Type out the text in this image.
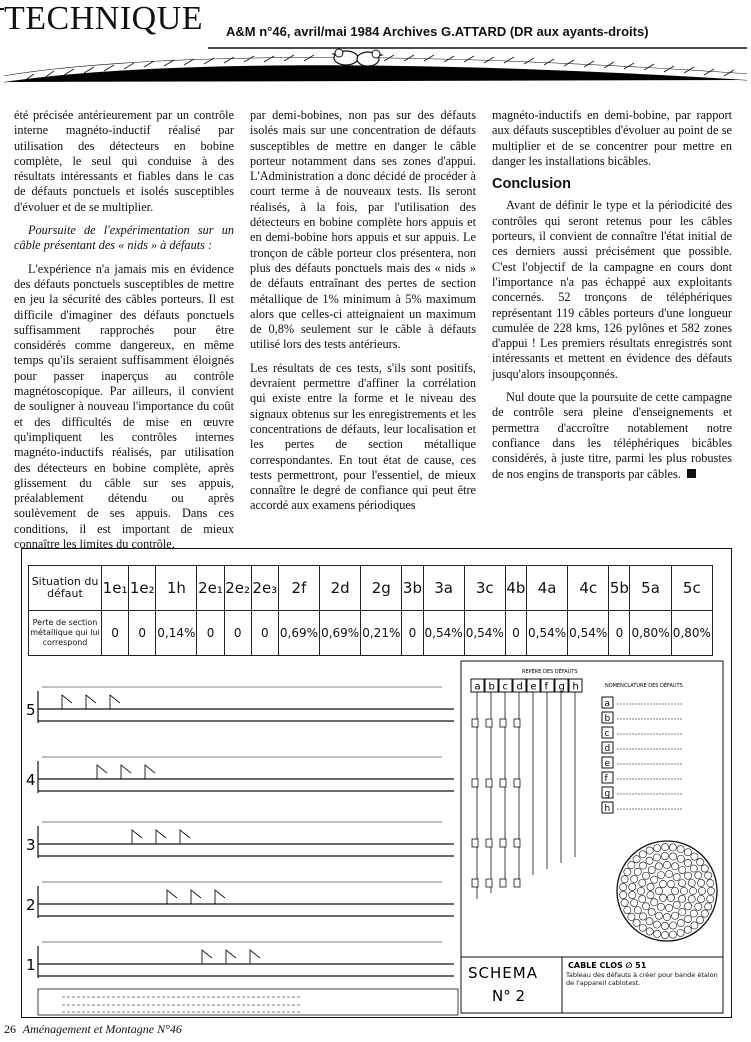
TECHNIQUE A&M n°46, avril/mai 1984 Archives G.ATTARD (DR aux ayants-droits)

été précisée antérieurement par un contrôle interne magnéto-inductif réalisé par utilisation des détecteurs en bobine complète, le seul qui conduise à des résultats intéressants et fiables dans le cas de défauts ponctuels et isolés susceptibles d'évoluer et de se multiplier.

Poursuite de l'expérimentation sur un câble présentant des « nids » à défauts :

L'expérience n'a jamais mis en évidence des défauts ponctuels susceptibles de mettre en jeu la sécurité des câbles porteurs. Il est difficile d'imaginer des défauts ponctuels suffisamment rapprochés pour être considérés comme dangereux, en même temps qu'ils seraient suffisamment éloignés pour passer inaperçus au contrôle magnétoscopique. Par ailleurs, il convient de souligner à nouveau l'importance du coût et des difficultés de mise en œuvre qu'impliquent les contrôles internes magnéto-inductifs réalisés, par utilisation des détecteurs en bobine complète, après glissement du câble sur ses appuis, préalablement détendu ou après soulèvement de ses appuis. Dans ces conditions, il est important de mieux connaître les limites du contrôle,

par demi-bobines, non pas sur des défauts isolés mais sur une concentration de défauts susceptibles de mettre en danger le câble porteur notamment dans ses zones d'appui. L'Administration a donc décidé de procéder à court terme à de nouveaux tests. Ils seront réalisés, à la fois, par l'utilisation des détecteurs en bobine complète hors appuis et en demi-bobine hors appuis et sur appuis. Le tronçon de câble porteur clos présentera, non plus des défauts ponctuels mais des « nids » de défauts entraînant des pertes de section métallique de 1% minimum à 5% maximum alors que celles-ci atteignaient un maximum de 0,8% seulement sur le câble à défauts utilisé lors des tests antérieurs.

Les résultats de ces tests, s'ils sont positifs, devraient permettre d'affiner la corrélation qui existe entre la forme et le niveau des signaux obtenus sur les enregistrements et les concentrations de défauts, leur localisation et les pertes de section métallique correspondantes. En tout état de cause, ces tests permettront, pour l'essentiel, de mieux connaître le degré de confiance qui peut être accordé aux examens périodiques

magnéto-inductifs en demi-bobine, par rapport aux défauts susceptibles d'évoluer au point de se multiplier et de se concentrer pour mettre en danger les installations bicâbles.

Conclusion

Avant de définir le type et la périodicité des contrôles qui seront retenus pour les câbles porteurs, il convient de connaître l'état initial de ces derniers aussi précisément que possible. C'est l'objectif de la campagne en cours dont l'importance n'a pas échappé aux exploitants concernés. 52 tronçons de téléphériques représentant 119 câbles porteurs d'une longueur cumulée de 228 kms, 126 pylônes et 582 zones d'appui ! Les premiers résultats enregistrés sont intéressants et mettent en évidence des défauts jusqu'alors insoupçonnés.

Nul doute que la poursuite de cette campagne de contrôle sera pleine d'enseignements et permettra d'accroître notablement notre confiance dans les téléphériques bicâbles considérés, à juste titre, parmi les plus robustes de nos engins de transports par câbles.

Situation du défaut	1e₁	1e₂	1h	2e₁	2e₂	2e₃	2f	2d	2g	3b	3a	3c	4b	4a	4c	5b	5a	5c
Perte de section métallique qui lui correspond	0	0	0,14%	0	0	0	0,69%	0,69%	0,21%	0	0,54%	0,54%	0	0,54%	0,54%	0	0,80%	0,80%
REPÈRE DES DÉFAUTS
a b c d e f g h	NOMENCLATURE DES DÉFAUTS
a
b
c
d
e
f
g
h
SCHEMA
N° 2
CABLE CLOS ∅ 51
Tableau des défauts à créer pour bande étalon de l'appareil cablotest.
5
4
3
2
1
26 Aménagement et Montagne N°46
